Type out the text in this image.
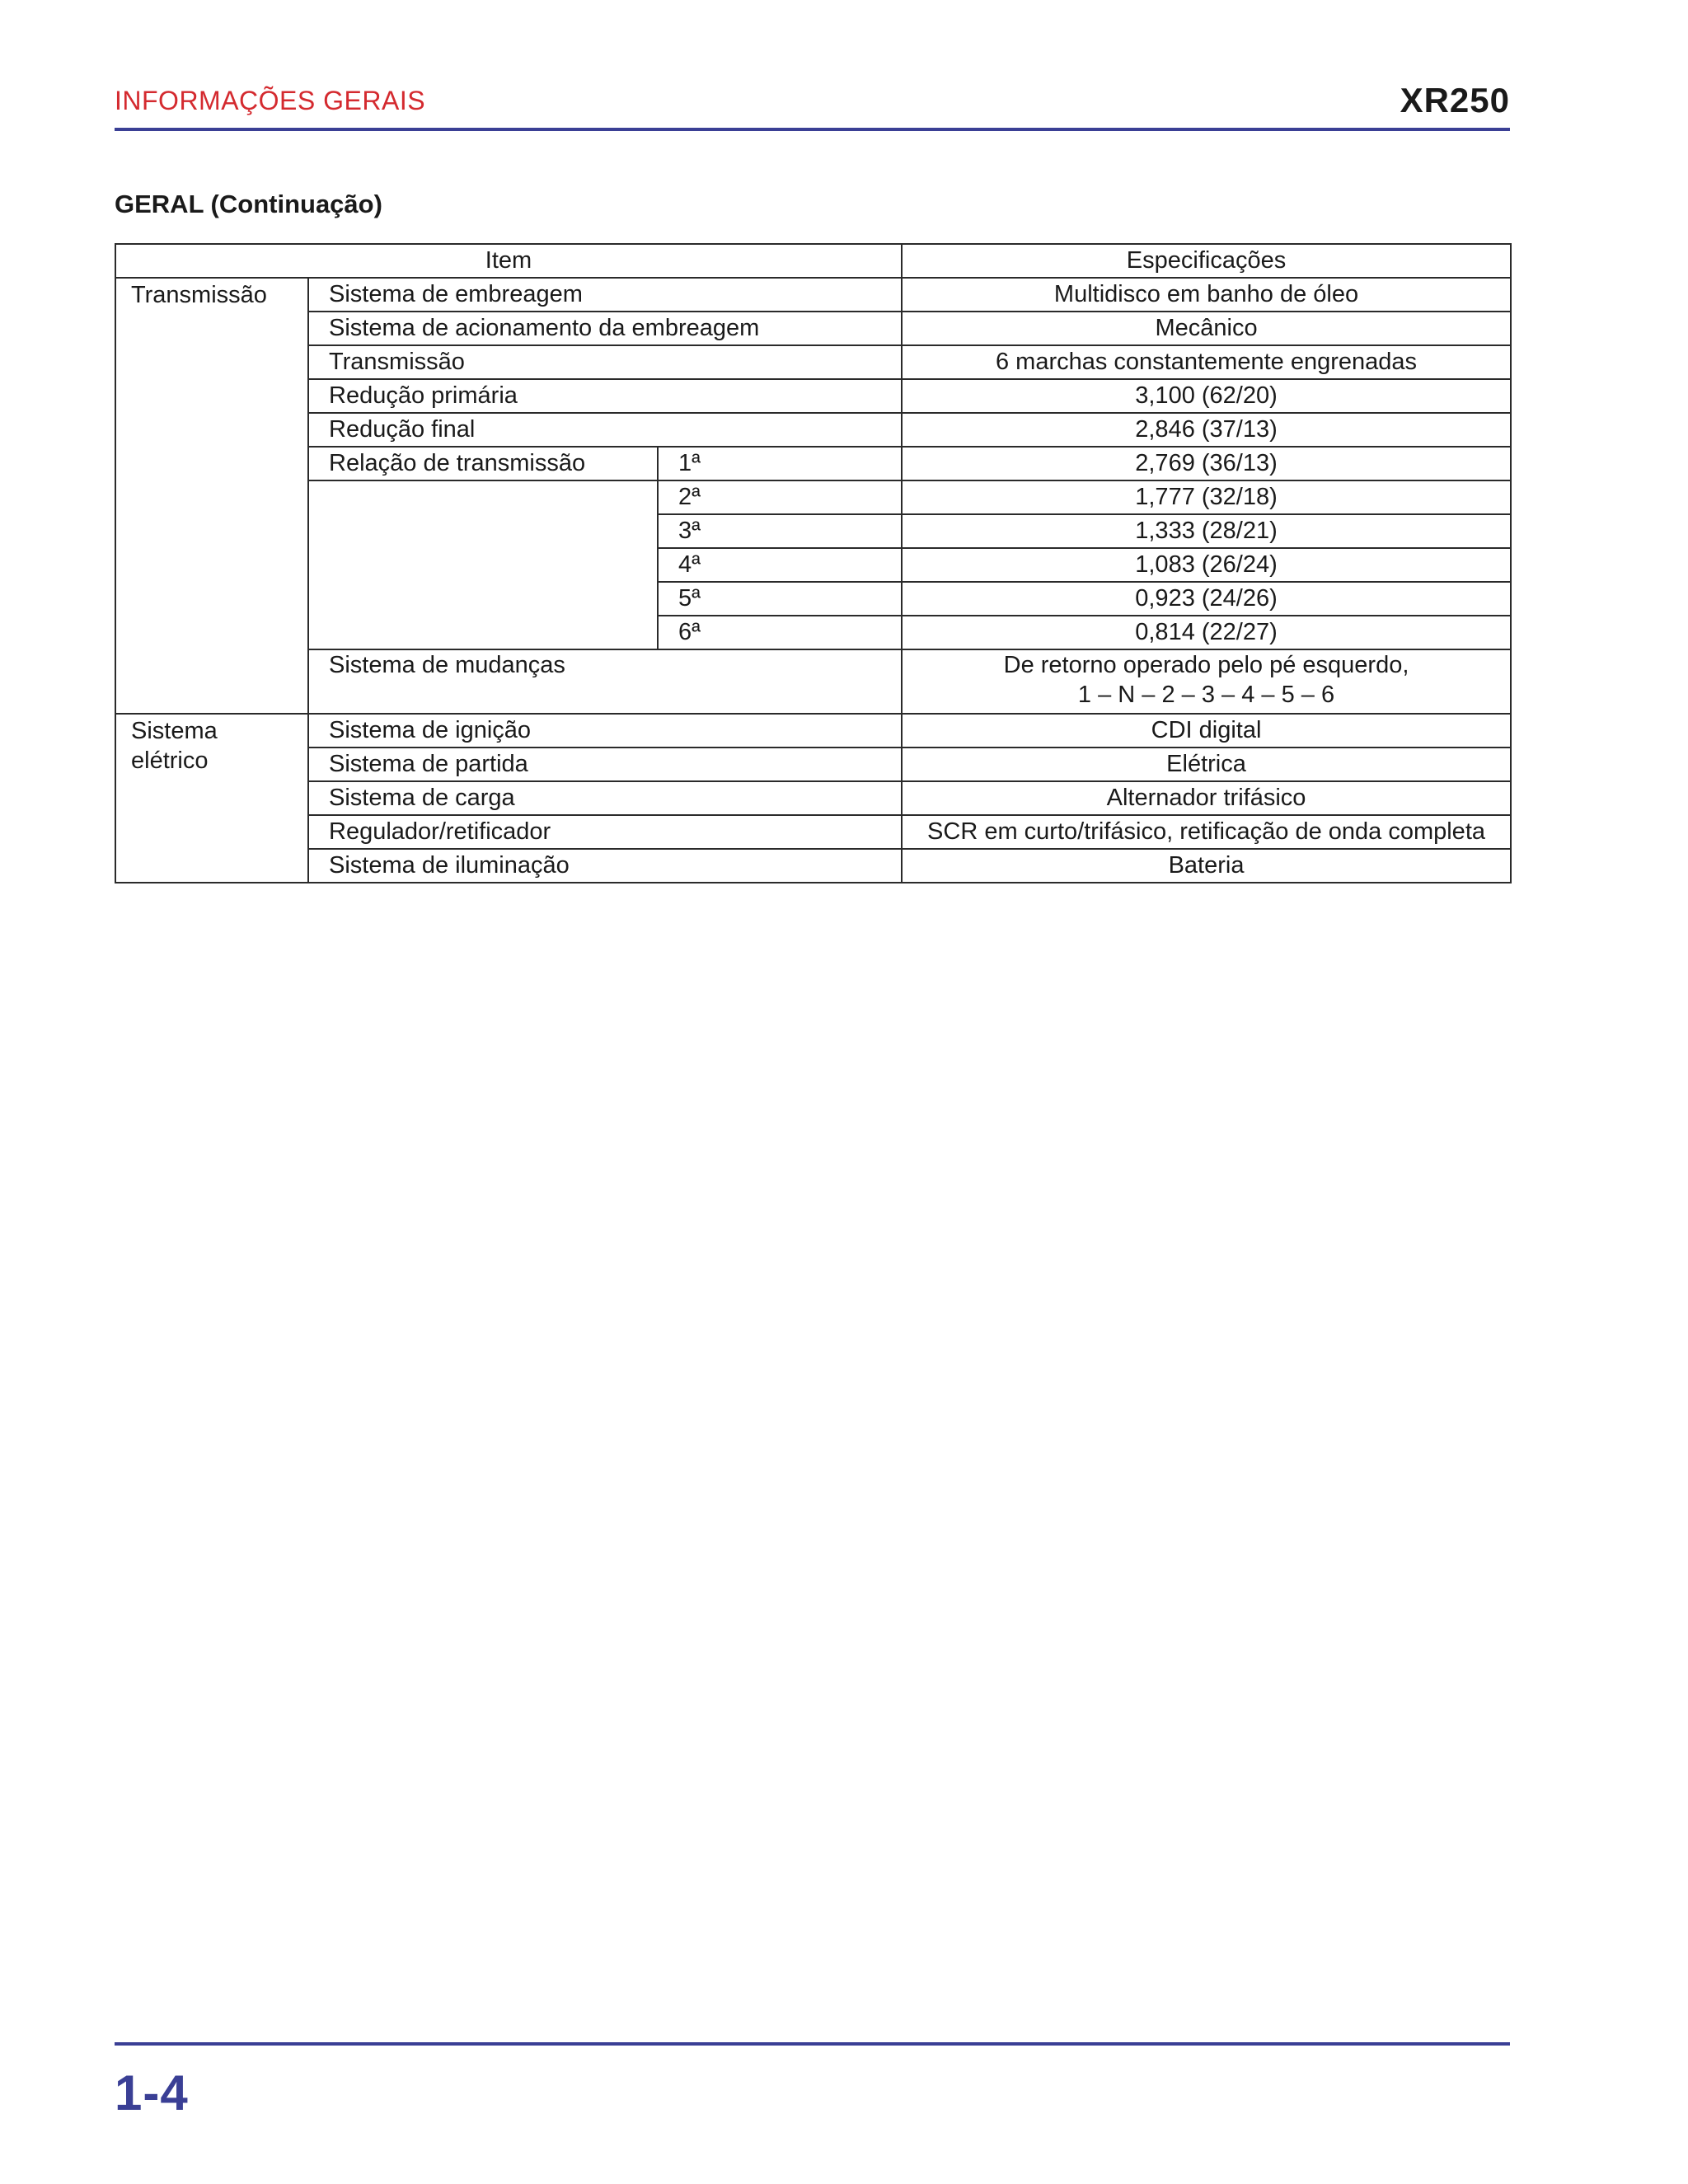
INFORMAÇÕES GERAIS	XR250
GERAL (Continuação)
Item			Especificações
Transmissão	Sistema de embreagem		Multidisco em banho de óleo
	Sistema de acionamento da embreagem		Mecânico
	Transmissão		6 marchas constantemente engrenadas
	Redução primária		3,100 (62/20)
	Redução final		2,846 (37/13)
	Relação de transmissão	1ª	2,769 (36/13)
		2ª	1,777 (32/18)
		3ª	1,333 (28/21)
		4ª	1,083 (26/24)
		5ª	0,923 (24/26)
		6ª	0,814 (22/27)
	Sistema de mudanças		De retorno operado pelo pé esquerdo,
1 – N – 2 – 3 – 4 – 5 – 6

Sistema
elétrico	Sistema de ignição		CDI digital
	Sistema de partida		Elétrica
	Sistema de carga		Alternador trifásico
	Regulador/retificador		SCR em curto/trifásico, retificação de onda completa
	Sistema de iluminação		Bateria
1-4
